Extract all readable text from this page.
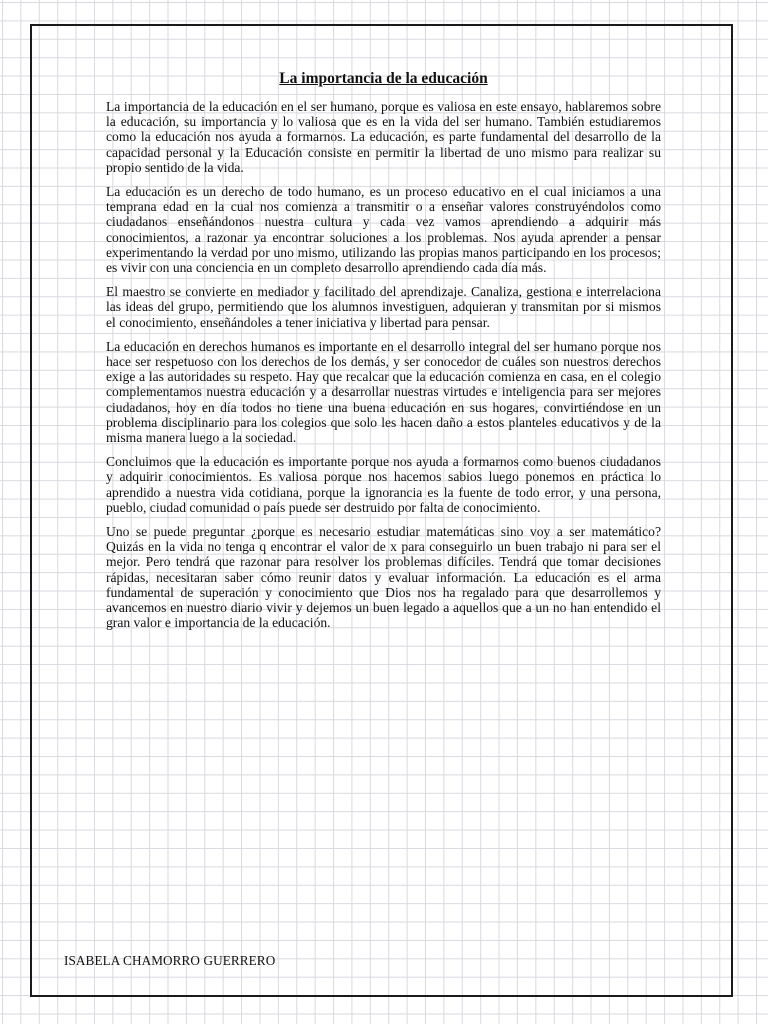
La importancia de la educación

La importancia de la educación en el ser humano, porque es valiosa en este ensayo, hablaremos sobre la educación, su importancia y lo valiosa que es en la vida del ser humano. También estudiaremos como la educación nos ayuda a formarnos. La educación, es parte fundamental del desarrollo de la capacidad personal y la Educación consiste en permitir la libertad de uno mismo para realizar su propio sentido de la vida.

La educación es un derecho de todo humano, es un proceso educativo en el cual iniciamos a una temprana edad en la cual nos comienza a transmitir o a enseñar valores construyéndolos como ciudadanos enseñándonos nuestra cultura y cada vez vamos aprendiendo a adquirir más conocimientos, a razonar ya encontrar soluciones a los problemas. Nos ayuda aprender a pensar experimentando la verdad por uno mismo, utilizando las propias manos participando en los procesos; es vivir con una conciencia en un completo desarrollo aprendiendo cada día más.

El maestro se convierte en mediador y facilitado del aprendizaje. Canaliza, gestiona e interrelaciona las ideas del grupo, permitiendo que los alumnos investiguen, adquieran y transmitan por si mismos el conocimiento, enseñándoles a tener iniciativa y libertad para pensar.

La educación en derechos humanos es importante en el desarrollo integral del ser humano porque nos hace ser respetuoso con los derechos de los demás, y ser conocedor de cuáles son nuestros derechos exige a las autoridades su respeto. Hay que recalcar que la educación comienza en casa, en el colegio complementamos nuestra educación y a desarrollar nuestras virtudes e inteligencia para ser mejores ciudadanos, hoy en día todos no tiene una buena educación en sus hogares, convirtiéndose en un problema disciplinario para los colegios que solo les hacen daño a estos planteles educativos y de la misma manera luego a la sociedad.

Concluimos que la educación es importante porque nos ayuda a formarnos como buenos ciudadanos y adquirir conocimientos. Es valiosa porque nos hacemos sabios luego ponemos en práctica lo aprendido a nuestra vida cotidiana, porque la ignorancia es la fuente de todo error, y una persona, pueblo, ciudad comunidad o país puede ser destruido por falta de conocimiento.

Uno se puede preguntar ¿porque es necesario estudiar matemáticas sino voy a ser matemático? Quizás en la vida no tenga q encontrar el valor de x para conseguirlo un buen trabajo ni para ser el mejor. Pero tendrá que razonar para resolver los problemas difíciles. Tendrá que tomar decisiones rápidas, necesitaran saber cómo reunir datos y evaluar información. La educación es el arma fundamental de superación y conocimiento que Dios nos ha regalado para que desarrollemos y avancemos en nuestro diario vivir y dejemos un buen legado a aquellos que a un no han entendido el gran valor e importancia de la educación.

ISABELA CHAMORRO GUERRERO
